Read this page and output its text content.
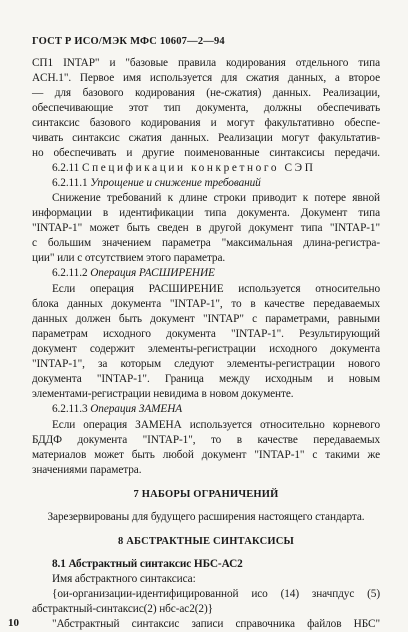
ГОСТ Р ИСО/МЭК МФС 10607—2—94
СП1 INTAP" и "базовые правила кодирования отдельного типа
ACH.1". Первое имя используется для сжатия данных, а второе
— для базового кодирования (не-сжатия) данных. Реализации,
обеспечивающие этот тип документа, должны обеспечивать
синтаксис базового кодирования и могут факультативно обеспе-
чивать синтаксис сжатия данных. Реализации могут факультатив-
но обеспечивать и другие поименованные синтаксисы передачи.
6.2.11 Спецификации конкретного СЭП
6.2.11.1 Упрощение и снижение требований
Снижение требований к длине строки приводит к потере явной
информации в идентификации типа документа. Документ типа
"INTAP-1" может быть сведен в другой документ типа "INTAP-1"
с большим значением параметра "максимальная длина-регистра-
ции" или с отсутствием этого параметра.
6.2.11.2 Операция РАСШИРЕНИЕ
Если операция РАСШИРЕНИЕ используется относительно
блока данных документа "INTAP-1", то в качестве передаваемых
данных должен быть документ "INTAP" с параметрами, равными
параметрам исходного документа "INTAP-1". Результирующий
документ содержит элементы-регистрации исходного документа
"INTAP-1", за которым следуют элементы-регистрации нового
документа "INTAP-1". Граница между исходным и новым
элементами-регистрации невидима в новом документе.
6.2.11.3 Операция ЗАМЕНА
Если операция ЗАМЕНА используется относительно корневого
БДДФ документа "INTAP-1", то в качестве передаваемых
материалов может быть любой документ "INTAP-1" с такими же
значениями параметра.
7 НАБОРЫ ОГРАНИЧЕНИЙ
Зарезервированы для будущего расширения настоящего стандарта.
8 АБСТРАКТНЫЕ СИНТАКСИСЫ
8.1 Абстрактный синтаксис НБС-АС2
Имя абстрактного синтаксиса:
{ои-организации-идентифицированной исо (14) значпдус (5)
абстрактный-синтаксис(2) нбс-ас2(2)}
"Абстрактный синтаксис записи справочника файлов НБС"
10
